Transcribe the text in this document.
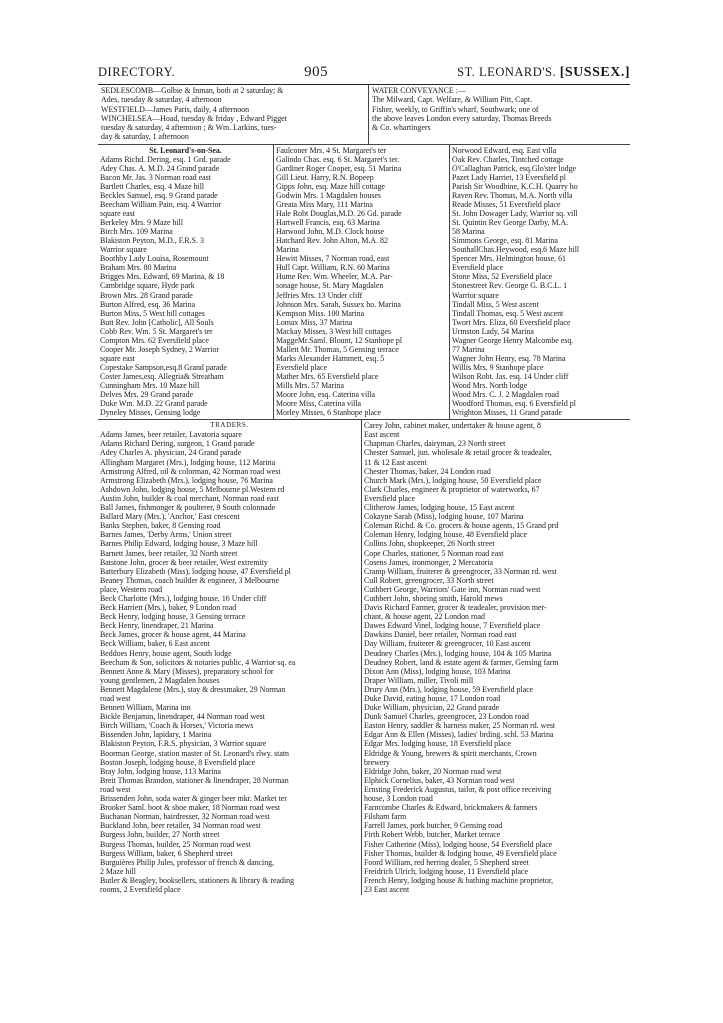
DIRECTORY.	905	ST. LEONARD'S. [SUSSEX.]
SEDLESCOMB—Golbie & Inman, both at 2 saturday; &
Ades, tuesday & saturday, 4 afternoon
WESTFIELD—James Paris, daily, 4 afternoon
WINCHELSEA—Hoad, tuesday & friday , Edward Pigget
tuesday & saturday, 4 afternoon ; & Wm. Larkins, tues-
day & saturday, 1 afternoon
WATER CONVEYANCE :—
The Milward, Capt. Welfare, & William Pitt, Capt.
Fisher, weekly, to Griffin's wharf, Southwark; one of
the above leaves London every saturday, Thomas Breeds
& Co. whartingers
St. Leonard's-on-Sea.
Adams Richd. Dering, esq. 1 Grd. parade
Adey Chas. A. M.D. 24 Grand parade
Bacon Mr. Jas. 3 Norman road east
Bartlett Charles, esq. 4 Maze hill
Beckles Samuel, esq. 9 Grand parade
Beecham William Pain, esq. 4 Warrior
square east
Berkeley Mrs. 9 Maze hill
Birch Mrs. 109 Marina
Blakiston Peyton, M.D., F.R.S. 3
Warrior square
Boothby Lady Louisa, Rosemount
Braham Mrs. 80 Marina
Brigges Mrs. Edward, 69 Marina, & 18
Cambridge square, Hyde park
Brown Mrs. 28 Grand parade
Burton Alfred, esq. 36 Marina
Burton Miss, 5 West hill cottages
Butt Rev. John [Catholic], All Souls
Cobb Rev. Wm. 5 St. Margaret's ter
Compton Mrs. 62 Eversfield place
Cooper Mr. Joseph Sydney, 2 Warrior
square east
Copestake Sampson,esq.8 Grand parade
Coster James,esq. Allegria& Streatham
Cunningham Mrs. 10 Maze hill
Delves Mrs. 29 Grand parade
Duke Wm. M.D. 22 Grand parade
Dyneley Misses, Gensing lodge
Faulconer Mrs. 4 St. Margaret's ter
Galindo Chas. esq. 6 St. Margaret's ter.
Gardiner Roger Cooper, esq. 51 Marina
Gill Lieut. Harry, R.N. Bopeep
Gipps John, esq. Maze hill cottage
Godwin Mrs. 1 Magdalen houses
Greata Miss Mary, 111 Marina
Hale Robt Douglas,M.D. 26 Gd. parade
Hartwell Francis, esq. 63 Marina
Harwood John, M.D. Clock house
Hatchard Rev. John Alton, M.A. 82
Marina
Hewitt Misses, 7 Norman road, east
Hull Capt. William, R.N. 60 Marina
Hume Rev. Wm. Wheeler, M.A. Par-
sonage house, St. Mary Magdalen
Jeffries Mrs. 13 Under cliff
Johnson Mrs. Sarah, Sussex ho. Marina
Kempson Miss. 100 Marina
Lomax Miss, 37 Marina
Mackay Misses, 3 West hill cottages
MaggeMr.Saml. Blount, 12 Stanhope pl
Mallett Mr. Thomas, 5 Gensing terrace
Marks Alexander Hammett, esq. 5
Eversfield place
Mather Mrs. 65 Eversfield place
Mills Mrs. 57 Marina
Moore John, esq. Caterina villa
Moore Miss, Caterina villa
Morley Misses, 6 Stanhope place
Norwood Edward, esq. East villa
Oak Rev. Charles, Tintched cottage
O'Callaghan Patrick, esq.Glo'ster lodge
Pazet Lady Harriet, 13 Eversfield pl
Parish Sir Woodbine, K.C.H. Quarry ho
Raven Rev. Thomas, M.A. North villa
Reade Misses, 51 Eversfield place
St. John Dowager Lady, Warrior sq. vill
St. Quintin Rev George Darby, M.A.
58 Marina
Simmons George, esq. 81 Marina
SouthallChas.Heywood, esq.6 Maze hill
Spencer Mrs. Helmington house, 61
Eversfield place
Stone Miss, 52 Eversfield place
Stonestreet Rev. George G. B.C.L. 1
Warrior square
Tindall Miss, 5 West ascent
Tindall Thomas, esq. 5 West ascent
Twort Mrs. Eliza, 60 Eversfield place
Urmston Lady, 54 Marina
Wagner George Henry Malcombe esq.
77 Marina
Wagner John Henry, esq. 78 Marina
Willis Mrs. 9 Stanhope place
Wilson Robt. Jas. esq. 14 Under cliff
Wood Mrs. North lodge
Wood Mrs. C. J. 2 Magdalen road
Woodford Thomas, esq. 6 Eversfield pl
Wrighton Misses, 11 Grand parade
TRADERS.
Adams James, beer retailer, Lavatoria square
Adams Richard Dering, surgeon, 1 Grand parade
Adey Charles A. physician, 24 Grand parade
Allingham Margaret (Mrs.), lodging house, 112 Marina
Armstrong Alfred, oil & colorman, 42 Norman road west
Armstrong Elizabeth (Mrs.), lodging house, 76 Marina
Ashdown John, lodging house, 5 Melbourne pl.Western rd
Austin John, builder & coal merchant, Norman road east
Ball James, fishmonger & poulterer, 9 South colonnade
Ballard Mary (Mrs.), 'Anchor,' East crescent
Banks Stephen, baker, 8 Gensing road
Barnes James, 'Derby Arms,' Union street
Barnes Philip Edward, lodging house, 3 Maze hill
Barnett James, beer retailer, 32 North street
Batstone John, grocer & beer retailer, West extremity
Batterbury Elizabeth (Miss), lodging house, 47 Eversfield pl
Beaney Thomas, coach builder & engineer, 3 Melbourne
place, Western road
Beck Charlotte (Mrs.), lodging house, 16 Under cliff
Beck Harriett (Mrs.), baker, 9 London road
Beck Henry, lodging house, 3 Gensing terrace
Beck Henry, linendraper, 21 Marina
Beck James, grocer & house agent, 44 Marina
Beck William, baker, 6 East ascent
Beddoes Henry, house agent, South lodge
Beecham & Son, solicitors & notaries public, 4 Warrior sq. ea
Bennett Anne & Mary (Misses), preparatory school for
young gentlemen, 2 Magdalen houses
Bennett Magdalene (Mrs.), stay & dressmaker, 29 Norman
road west
Bennett William, Marina inn
Bickle Benjamin, linendraper, 44 Norman road west
Birch William, 'Coach & Horses,' Victoria mews
Bissenden John, lapidary, 1 Marina
Blakiston Peyton, F.R.S. physician, 3 Warrior square
Boorman George, station master of St. Leonard's rlwy. statn
Boston Joseph, lodging house, 8 Eversfield place
Bray John, lodging house, 113 Marina
Breit Thomas Brandon, stationer & linendraper, 28 Norman
road west
Brissenden John, soda water & ginger beer mkr. Market ter
Brooker Saml. boot & shoe maker, 18 Norman road west
Buchanan Norman, hairdresser, 32 Norman road west
Buckland John, beer retailer, 34 Norman road west
Burgess John, builder, 27 North street
Burgess Thomas, builder, 25 Norman road west
Burgess William, baker, 6 Shepherd street
Burguières Philip Jules, professor of french & dancing,
2 Maze hill
Butler & Beagley, booksellers, stationers & library & reading
rooms, 2 Eversfield place
Carey John, cabinet maker, undertaker & house agent, 8
East ascent
Chapman Charles, dairyman, 23 North street
Chester Samuel, jun. wholesale & retail grocer & teadealer,
11 & 12 East ascent
Chester Thomas, baker, 24 London road
Church Mark (Mrs.), lodging house, 50 Eversfield place
Clark Charles, engineer & proprietor of waterworks, 67
Eversfield place
Clitherow James, lodging house, 15 East ascent
Cokayne Sarah (Miss), lodging house, 107 Marina
Coleman Richd. & Co. grocers & house agents, 15 Grand prd
Coleman Henry, lodging house, 48 Eversfield place
Collins John, shopkeeper, 26 North street
Cope Charles, stationer, 5 Norman road east
Cosens James, ironmonger, 2 Mercatoria
Cramp William, fruiterer & greengrocer, 33 Norman rd. west
Cull Robert, greengrocer, 33 North street
Cuthbert George, Warriors' Gate inn, Norman road west
Cuthbert John, shoeing smith, Harold mews
Davis Richard Farmer, grocer & teadealer, provision mer-
chant, & house agent, 22 London road
Dawes Edward Vinel, lodging house, 7 Eversfield place
Dawkins Daniel, beer retailer, Norman road east
Day William, fruiterer & greengrocer, 10 East ascent
Deudney Charles (Mrs.), lodging house, 104 & 105 Marina
Deudney Robert, land & estate agent & farmer, Gensing farm
Dixon Ann (Miss), lodging house, 103 Marina
Draper William, miller, Tivoli mill
Drury Ann (Mrs.), lodging house, 59 Eversfield place
Duke David, eating house, 17 London road
Duke William, physician, 22 Grand parade
Dunk Samuel Charles, greengrocer, 23 London road
Easton Henry, saddler & harness maker, 25 Norman rd. west
Edgar Ann & Ellen (Misses), ladies' brding. schl. 53 Marina
Edgar Mrs. lodging house, 18 Eversfield place
Eldridge & Young, brewers & spirit merchants, Crown
brewery
Eldridge John, baker, 20 Norman road west
Elphick Cornelius, baker, 43 Norman road west
Ernsting Frederick Augustus, tailor, & post office receiving
house, 3 London road
Farncombe Charles & Edward, brickmakers & farmers
Filsham farm
Farrell James, pork butcher, 9 Gensing road
Firth Robert Webb, butcher, Market terrace
Fisher Catherine (Miss), lodging house, 54 Eversfield place
Fisher Thomas, builder & lodging house, 49 Eversfield place
Foord William, red herring dealer, 5 Shepherd street
Freidrich Ulrich, lodging house, 11 Eversfield place
French Henry, lodging house & bathing machine proprietor,
23 East ascent
